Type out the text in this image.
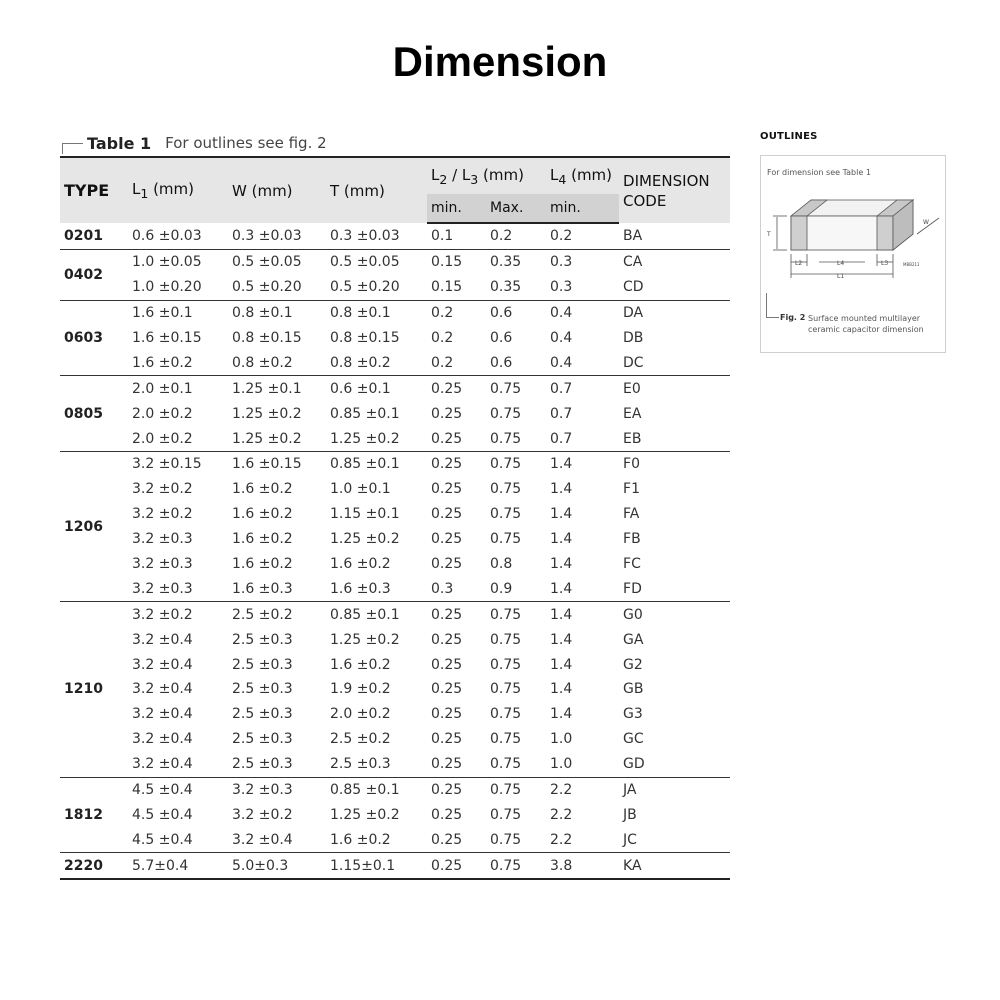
Dimension
Table 1 For outlines see fig. 2
TYPE	$L_1$ (mm)	W (mm)	T (mm)	$L_2 / L_3$ (mm)		$L_4$ (mm)	DIMENSION
CODE
				min.	Max.	min.	
0201	0.6 ±0.03	0.3 ±0.03	0.3 ±0.03	0.1	0.2	0.2	BA
0402	1.0 ±0.05	0.5 ±0.05	0.5 ±0.05	0.15	0.35	0.3	CA
	1.0 ±0.20	0.5 ±0.20	0.5 ±0.20	0.15	0.35	0.3	CD
0603	1.6 ±0.1	0.8 ±0.1	0.8 ±0.1	0.2	0.6	0.4	DA
	1.6 ±0.15	0.8 ±0.15	0.8 ±0.15	0.2	0.6	0.4	DB
	1.6 ±0.2	0.8 ±0.2	0.8 ±0.2	0.2	0.6	0.4	DC
0805	2.0 ±0.1	1.25 ±0.1	0.6 ±0.1	0.25	0.75	0.7	E0
	2.0 ±0.2	1.25 ±0.2	0.85 ±0.1	0.25	0.75	0.7	EA
	2.0 ±0.2	1.25 ±0.2	1.25 ±0.2	0.25	0.75	0.7	EB
1206	3.2 ±0.15	1.6 ±0.15	0.85 ±0.1	0.25	0.75	1.4	F0
	3.2 ±0.2	1.6 ±0.2	1.0 ±0.1	0.25	0.75	1.4	F1
	3.2 ±0.2	1.6 ±0.2	1.15 ±0.1	0.25	0.75	1.4	FA
	3.2 ±0.3	1.6 ±0.2	1.25 ±0.2	0.25	0.75	1.4	FB
	3.2 ±0.3	1.6 ±0.2	1.6 ±0.2	0.25	0.8	1.4	FC
	3.2 ±0.3	1.6 ±0.3	1.6 ±0.3	0.3	0.9	1.4	FD
1210	3.2 ±0.2	2.5 ±0.2	0.85 ±0.1	0.25	0.75	1.4	G0
	3.2 ±0.4	2.5 ±0.3	1.25 ±0.2	0.25	0.75	1.4	GA
	3.2 ±0.4	2.5 ±0.3	1.6 ±0.2	0.25	0.75	1.4	G2
	3.2 ±0.4	2.5 ±0.3	1.9 ±0.2	0.25	0.75	1.4	GB
	3.2 ±0.4	2.5 ±0.3	2.0 ±0.2	0.25	0.75	1.4	G3
	3.2 ±0.4	2.5 ±0.3	2.5 ±0.2	0.25	0.75	1.0	GC
	3.2 ±0.4	2.5 ±0.3	2.5 ±0.3	0.25	0.75	1.0	GD
1812	4.5 ±0.4	3.2 ±0.3	0.85 ±0.1	0.25	0.75	2.2	JA
	4.5 ±0.4	3.2 ±0.2	1.25 ±0.2	0.25	0.75	2.2	JB
	4.5 ±0.4	3.2 ±0.4	1.6 ±0.2	0.25	0.75	2.2	JC
2220	5.7±0.4	5.0±0.3	1.15±0.1	0.25	0.75	3.8	KA
OUTLINES
For dimension see Table 1
T
W
L2	L4	L3
L1
MBB211
Fig. 2 Surface mounted multilayer ceramic capacitor dimension
